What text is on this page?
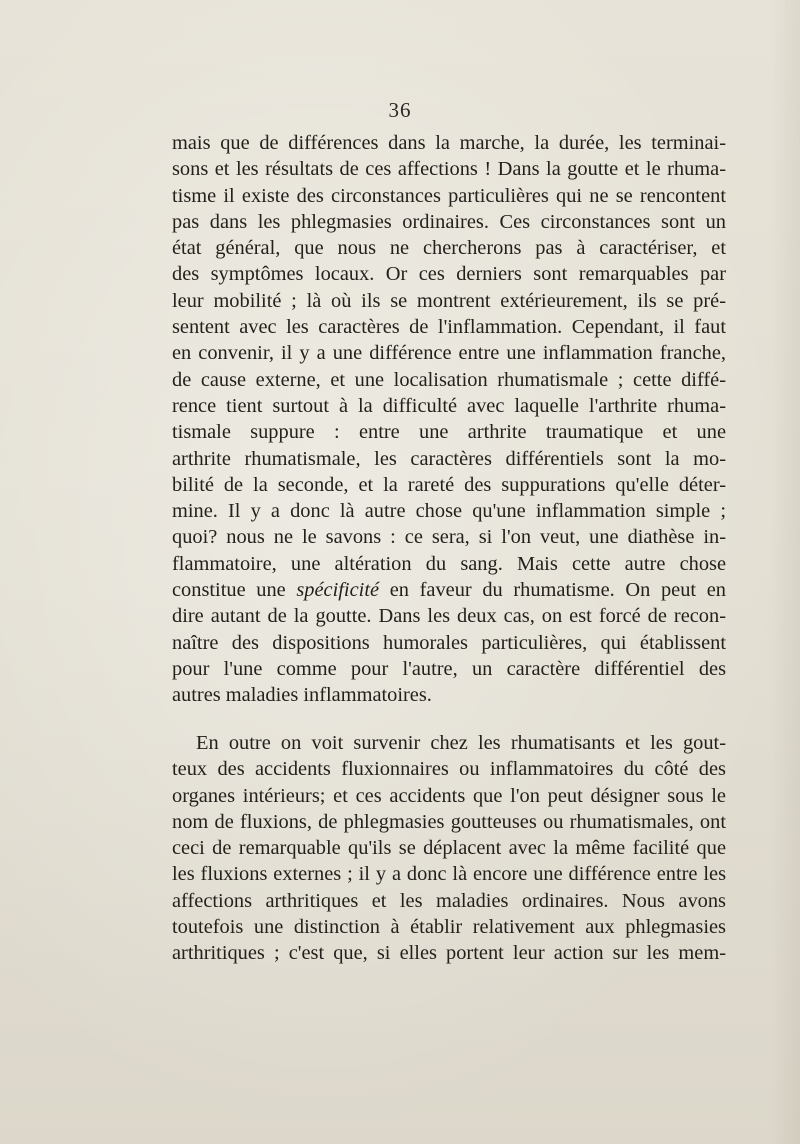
36
mais que de différences dans la marche, la durée, les terminai-
sons et les résultats de ces affections ! Dans la goutte et le rhuma-
tisme il existe des circonstances particulières qui ne se rencontent
pas dans les phlegmasies ordinaires. Ces circonstances sont un
état général, que nous ne chercherons pas à caractériser, et
des symptômes locaux. Or ces derniers sont remarquables par
leur mobilité ; là où ils se montrent extérieurement, ils se pré-
sentent avec les caractères de l'inflammation. Cependant, il faut
en convenir, il y a une différence entre une inflammation franche,
de cause externe, et une localisation rhumatismale ; cette diffé-
rence tient surtout à la difficulté avec laquelle l'arthrite rhuma-
tismale suppure : entre une arthrite traumatique et une
arthrite rhumatismale, les caractères différentiels sont la mo-
bilité de la seconde, et la rareté des suppurations qu'elle déter-
mine. Il y a donc là autre chose qu'une inflammation simple ;
quoi? nous ne le savons : ce sera, si l'on veut, une diathèse in-
flammatoire, une altération du sang. Mais cette autre chose
constitue une spécificité en faveur du rhumatisme. On peut en
dire autant de la goutte. Dans les deux cas, on est forcé de recon-
naître des dispositions humorales particulières, qui établissent
pour l'une comme pour l'autre, un caractère différentiel des
autres maladies inflammatoires.
En outre on voit survenir chez les rhumatisants et les gout-
teux des accidents fluxionnaires ou inflammatoires du côté des
organes intérieurs; et ces accidents que l'on peut désigner sous le
nom de fluxions, de phlegmasies goutteuses ou rhumatismales, ont
ceci de remarquable qu'ils se déplacent avec la même facilité que
les fluxions externes ; il y a donc là encore une différence entre les
affections arthritiques et les maladies ordinaires. Nous avons
toutefois une distinction à établir relativement aux phlegmasies
arthritiques ; c'est que, si elles portent leur action sur les mem-
